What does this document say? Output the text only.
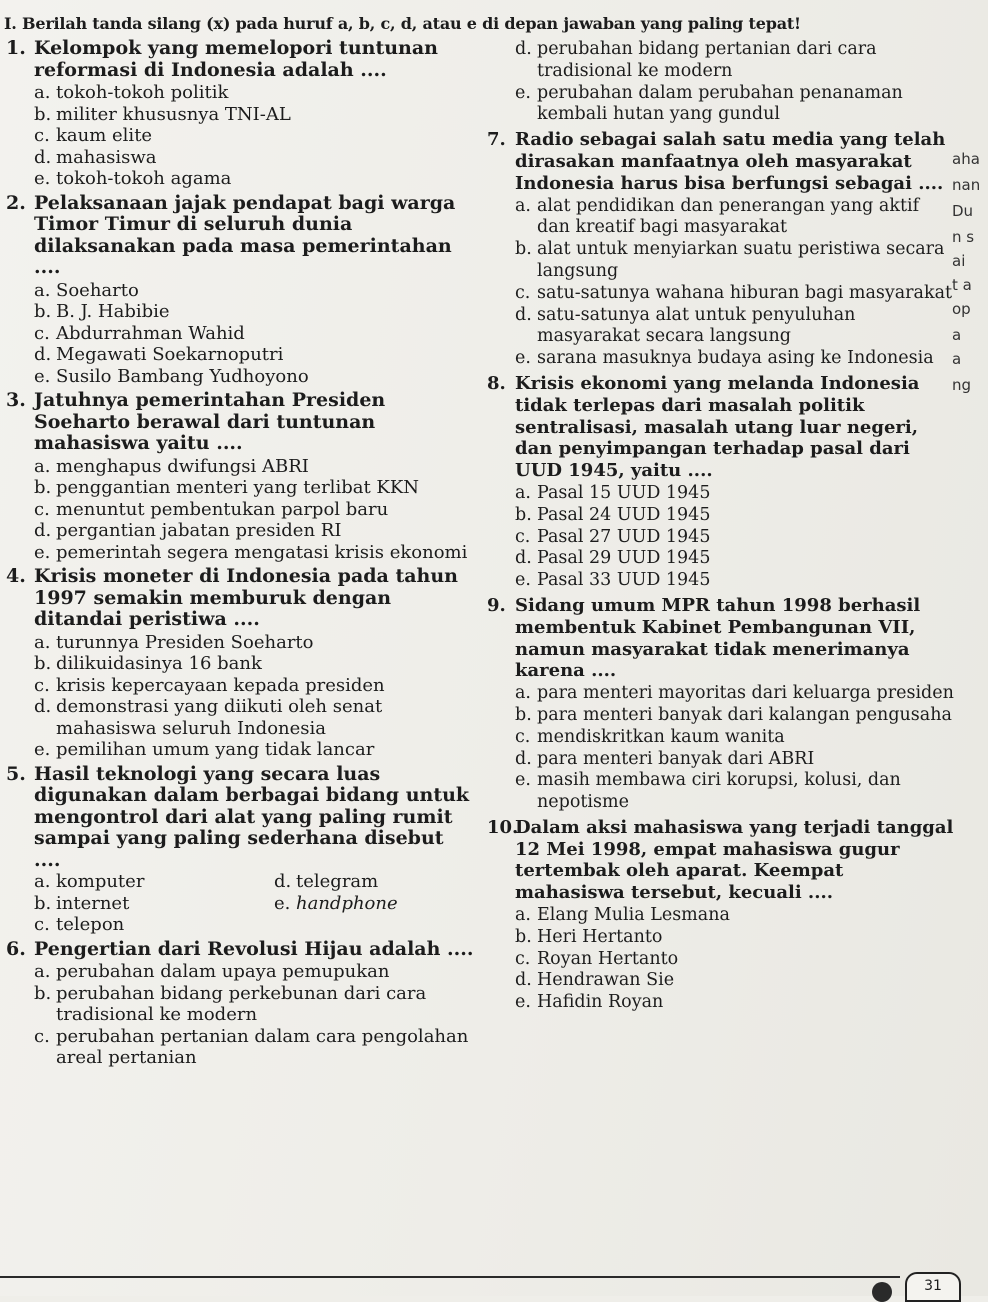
I. Berilah tanda silang (x) pada huruf a, b, c, d, atau e di depan jawaban yang paling tepat!
1. Kelompok yang memelopori tuntunan reformasi di Indonesia adalah ....
a. tokoh-tokoh politik
b. militer khususnya TNI-AL
c. kaum elite
d. mahasiswa
e. tokoh-tokoh agama
2. Pelaksanaan jajak pendapat bagi warga Timor Timur di seluruh dunia dilaksanakan pada masa pemerintahan ....
a. Soeharto
b. B. J. Habibie
c. Abdurrahman Wahid
d. Megawati Soekarnoputri
e. Susilo Bambang Yudhoyono
3. Jatuhnya pemerintahan Presiden Soeharto berawal dari tuntunan mahasiswa yaitu ....
a. menghapus dwifungsi ABRI
b. penggantian menteri yang terlibat KKN
c. menuntut pembentukan parpol baru
d. pergantian jabatan presiden RI
e. pemerintah segera mengatasi krisis ekonomi
4. Krisis moneter di Indonesia pada tahun 1997 semakin memburuk dengan ditandai peristiwa ....
a. turunnya Presiden Soeharto
b. dilikuidasinya 16 bank
c. krisis kepercayaan kepada presiden
d. demonstrasi yang diikuti oleh senat mahasiswa seluruh Indonesia
e. pemilihan umum yang tidak lancar
5. Hasil teknologi yang secara luas digunakan dalam berbagai bidang untuk mengontrol dari alat yang paling rumit sampai yang paling sederhana disebut ....
a. komputer	d. telegram
b. internet	e. handphone
c. telepon
6. Pengertian dari Revolusi Hijau adalah ....
a. perubahan dalam upaya pemupukan
b. perubahan bidang perkebunan dari cara tradisional ke modern
c. perubahan pertanian dalam cara pengolahan areal pertanian
d. perubahan bidang pertanian dari cara tradisional ke modern
e. perubahan dalam perubahan penanaman kembali hutan yang gundul
7. Radio sebagai salah satu media yang telah dirasakan manfaatnya oleh masyarakat Indonesia harus bisa berfungsi sebagai ....
a. alat pendidikan dan penerangan yang aktif dan kreatif bagi masyarakat
b. alat untuk menyiarkan suatu peristiwa secara langsung
c. satu-satunya wahana hiburan bagi masyarakat
d. satu-satunya alat untuk penyuluhan masyarakat secara langsung
e. sarana masuknya budaya asing ke Indonesia
8. Krisis ekonomi yang melanda Indonesia tidak terlepas dari masalah politik sentralisasi, masalah utang luar negeri, dan penyimpangan terhadap pasal dari UUD 1945, yaitu ....
a. Pasal 15 UUD 1945
b. Pasal 24 UUD 1945
c. Pasal 27 UUD 1945
d. Pasal 29 UUD 1945
e. Pasal 33 UUD 1945
9. Sidang umum MPR tahun 1998 berhasil membentuk Kabinet Pembangunan VII, namun masyarakat tidak menerimanya karena ....
a. para menteri mayoritas dari keluarga presiden
b. para menteri banyak dari kalangan pengusaha
c. mendiskritkan kaum wanita
d. para menteri banyak dari ABRI
e. masih membawa ciri korupsi, kolusi, dan nepotisme
10.
Dalam aksi mahasiswa yang terjadi tanggal 12 Mei 1998, empat mahasiswa gugur tertembak oleh aparat. Keempat mahasiswa tersebut, kecuali ....
a. Elang Mulia Lesmana
b. Heri Hertanto
c. Royan Hertanto
d. Hendrawan Sie
e. Hafidin Royan
aha
nan
Du
n s
ai
t a
op
a
a
ng
31
